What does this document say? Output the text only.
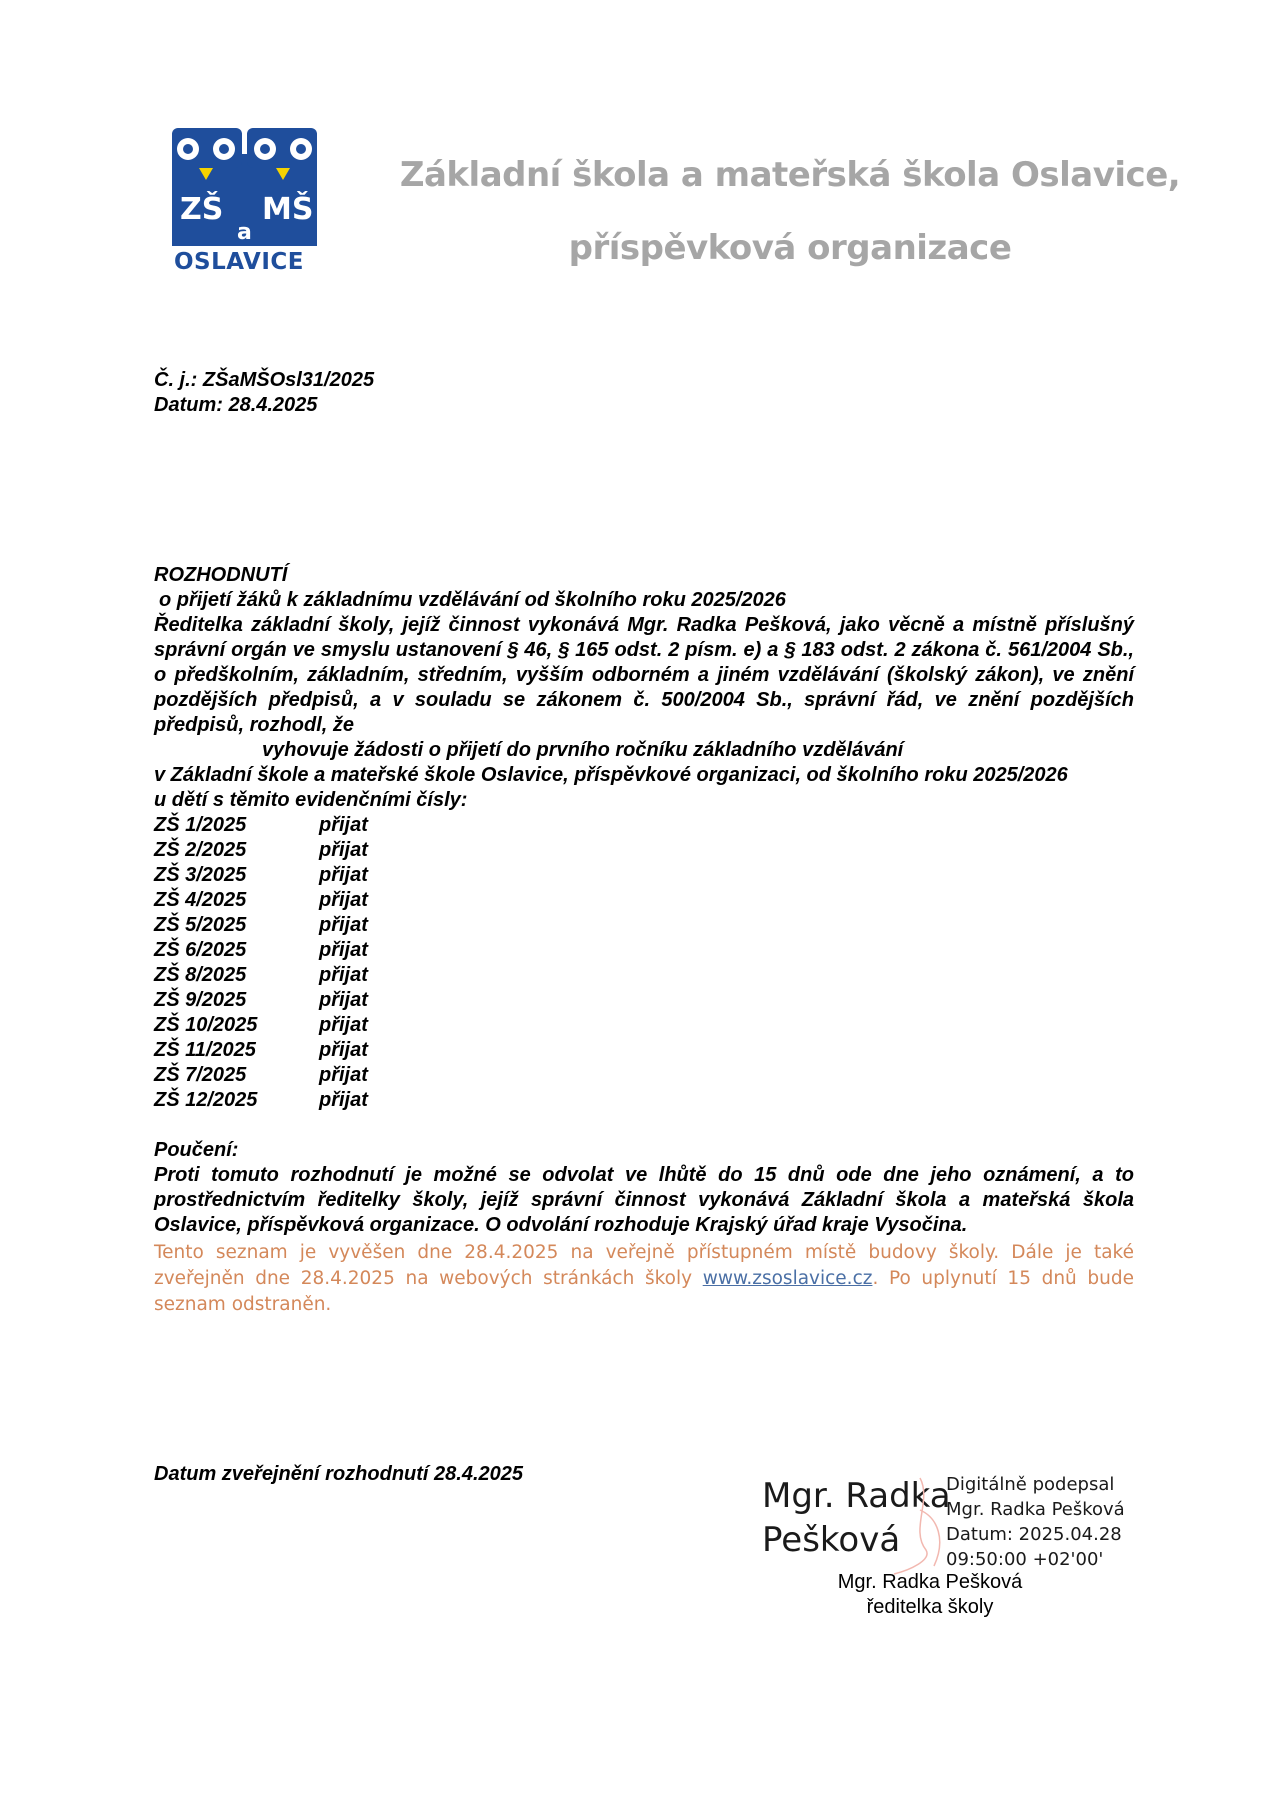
ZŠ MŠ
a
OSLAVICE
Základní škola a mateřská škola Oslavice,
příspěvková organizace
Č. j.: ZŠaMŠOsl31/2025
Datum: 28.4.2025

ROZHODNUTÍ

o přijetí žáků k základnímu vzdělávání od školního roku 2025/2026

Ředitelka základní školy, jejíž činnost vykonává Mgr. Radka Pešková, jako věcně a místně příslušný správní orgán ve smyslu ustanovení § 46, § 165 odst. 2 písm. e) a § 183 odst. 2 zákona č. 561/2004 Sb., o předškolním, základním, středním, vyšším odborném a jiném vzdělávání (školský zákon), ve znění pozdějších předpisů, a v souladu se zákonem č. 500/2004 Sb., správní řád, ve znění pozdějších předpisů, rozhodl, že

vyhovuje žádosti o přijetí do prvního ročníku základního vzdělávání

v Základní škole a mateřské škole Oslavice, příspěvkové organizaci, od školního roku 2025/2026

u dětí s těmito evidenčními čísly:

ZŠ 1/2025	přijat
ZŠ 2/2025	přijat
ZŠ 3/2025	přijat
ZŠ 4/2025	přijat
ZŠ 5/2025	přijat
ZŠ 6/2025	přijat
ZŠ 8/2025	přijat
ZŠ 9/2025	přijat
ZŠ 10/2025	přijat
ZŠ 11/2025	přijat
ZŠ 7/2025	přijat
ZŠ 12/2025	přijat

Poučení:

Proti tomuto rozhodnutí je možné se odvolat ve lhůtě do 15 dnů ode dne jeho oznámení, a to prostřednictvím ředitelky školy, jejíž správní činnost vykonává Základní škola a mateřská škola Oslavice, příspěvková organizace. O odvolání rozhoduje Krajský úřad kraje Vysočina.

Tento seznam je vyvěšen dne 28.4.2025 na veřejně přístupném místě budovy školy. Dále je také zveřejněn dne 28.4.2025 na webových stránkách školy www.zsoslavice.cz. Po uplynutí 15 dnů bude seznam odstraněn.

Datum zveřejnění rozhodnutí 28.4.2025
Mgr. Radka
Pešková
Digitálně podepsal
Mgr. Radka Pešková
Datum: 2025.04.28
09:50:00 +02'00'
Mgr. Radka Pešková
ředitelka školy
